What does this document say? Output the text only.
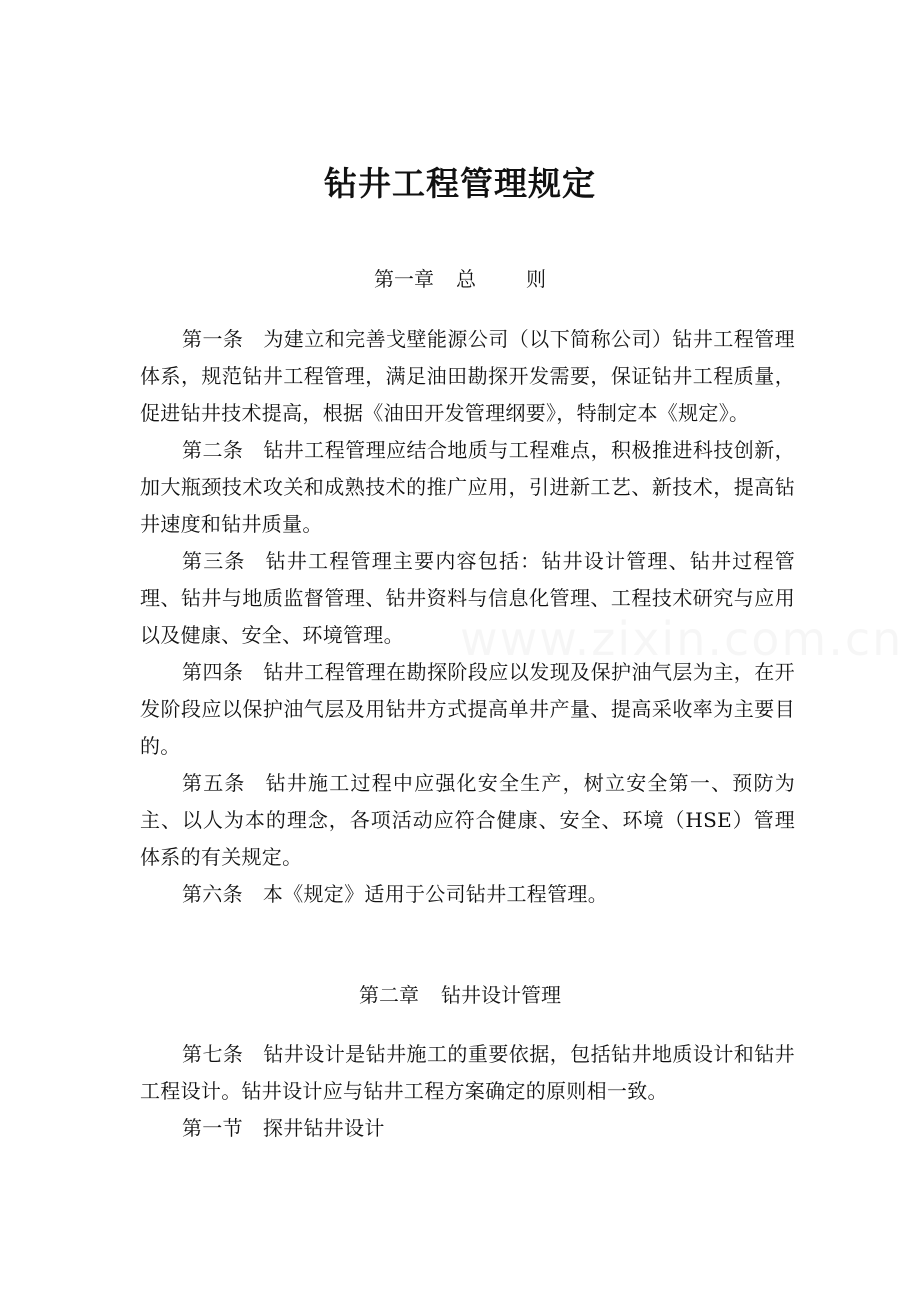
钻井工程管理规定
第一章 总	则

第一条 为建立和完善戈壁能源公司（以下简称公司）钻井工程管理体系，规范钻井工程管理，满足油田勘探开发需要，保证钻井工程质量，促进钻井技术提高，根据《油田开发管理纲要》，特制定本《规定》。

第二条 钻井工程管理应结合地质与工程难点，积极推进科技创新，加大瓶颈技术攻关和成熟技术的推广应用，引进新工艺、新技术，提高钻井速度和钻井质量。

第三条 钻井工程管理主要内容包括：钻井设计管理、钻井过程管理、钻井与地质监督管理、钻井资料与信息化管理、工程技术研究与应用以及健康、安全、环境管理。

第四条 钻井工程管理在勘探阶段应以发现及保护油气层为主，在开发阶段应以保护油气层及用钻井方式提高单井产量、提高采收率为主要目的。

第五条 钻井施工过程中应强化安全生产，树立安全第一、预防为主、以人为本的理念，各项活动应符合健康、安全、环境（HSE）管理体系的有关规定。

第六条 本《规定》适用于公司钻井工程管理。

第二章 钻井设计管理

第七条 钻井设计是钻井施工的重要依据，包括钻井地质设计和钻井工程设计。钻井设计应与钻井工程方案确定的原则相一致。

第一节 探井钻井设计
